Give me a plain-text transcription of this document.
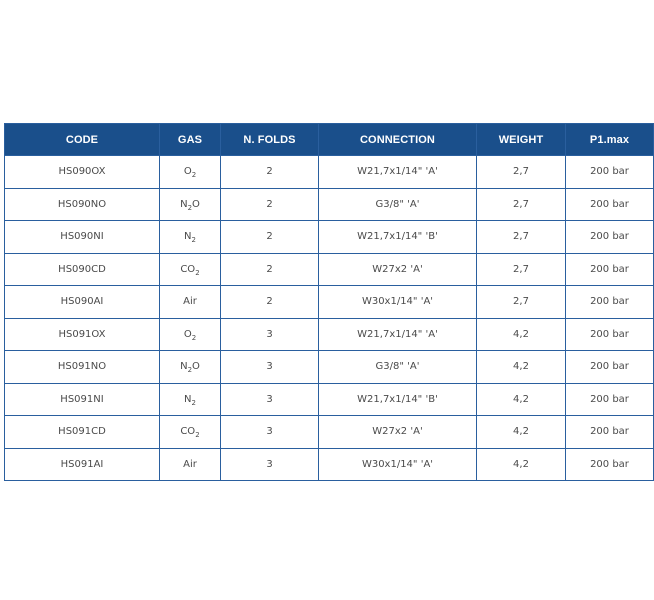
CODE	GAS	N. FOLDS	CONNECTION	WEIGHT	P1.max
HS090OX	$O_2$	2	W21,7x1/14" 'A'	2,7	200 bar
HS090NO	$N_2O$	2	G3/8" 'A'	2,7	200 bar
HS090NI	$N_2$	2	W21,7x1/14" 'B'	2,7	200 bar
HS090CD	$CO_2$	2	W27x2 'A'	2,7	200 bar
HS090AI	Air	2	W30x1/14" 'A'	2,7	200 bar
HS091OX	$O_2$	3	W21,7x1/14" 'A'	4,2	200 bar
HS091NO	$N_2O$	3	G3/8" 'A'	4,2	200 bar
HS091NI	$N_2$	3	W21,7x1/14" 'B'	4,2	200 bar
HS091CD	$CO_2$	3	W27x2 'A'	4,2	200 bar
HS091AI	Air	3	W30x1/14" 'A'	4,2	200 bar
